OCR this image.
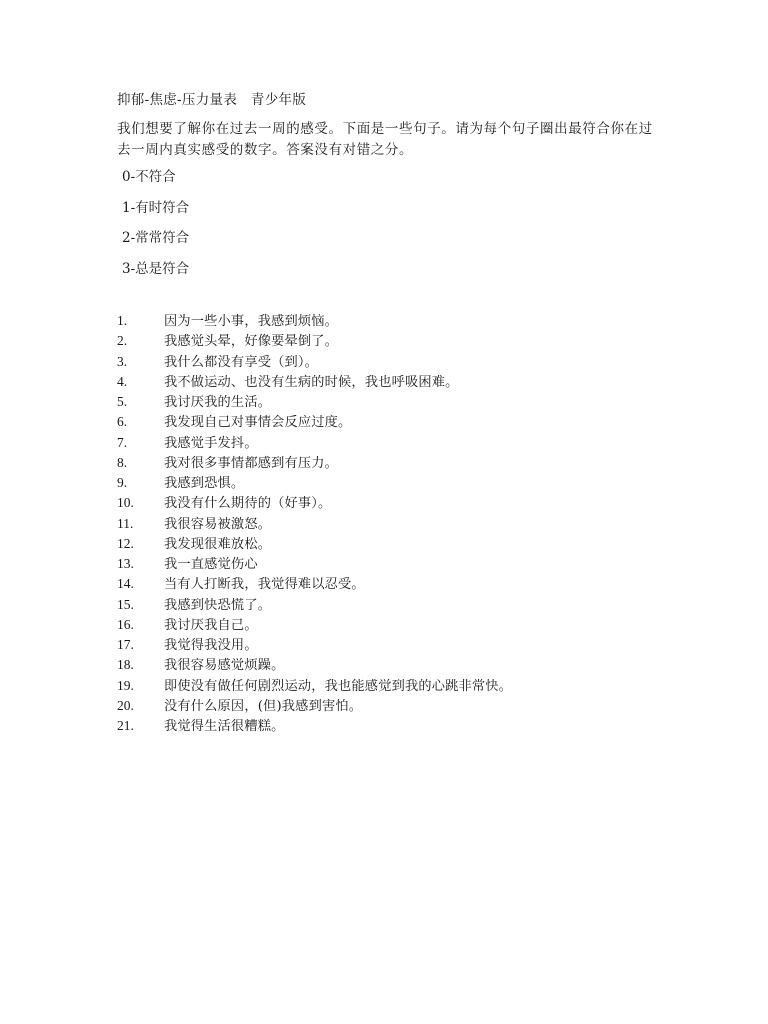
抑郁-焦虑-压力量表　青少年版
我们想要了解你在过去一周的感受。下面是一些句子。请为每个句子圈出最符合你在过去一周内真实感受的数字。答案没有对错之分。
0-不符合
1-有时符合
2-常常符合
3-总是符合
1.	因为一些小事，我感到烦恼。
2.	我感觉头晕，好像要晕倒了。
3.	我什么都没有享受（到）。
4.	我不做运动、也没有生病的时候，我也呼吸困难。
5.	我讨厌我的生活。
6.	我发现自己对事情会反应过度。
7.	我感觉手发抖。
8.	我对很多事情都感到有压力。
9.	我感到恐惧。
10. 我没有什么期待的（好事）。
11. 我很容易被激怒。
12. 我发现很难放松。
13. 我一直感觉伤心
14. 当有人打断我，我觉得难以忍受。
15. 我感到快恐慌了。
16. 我讨厌我自己。
17. 我觉得我没用。
18. 我很容易感觉烦躁。
19. 即使没有做任何剧烈运动，我也能感觉到我的心跳非常快。
20. 没有什么原因，(但)我感到害怕。
21. 我觉得生活很糟糕。
